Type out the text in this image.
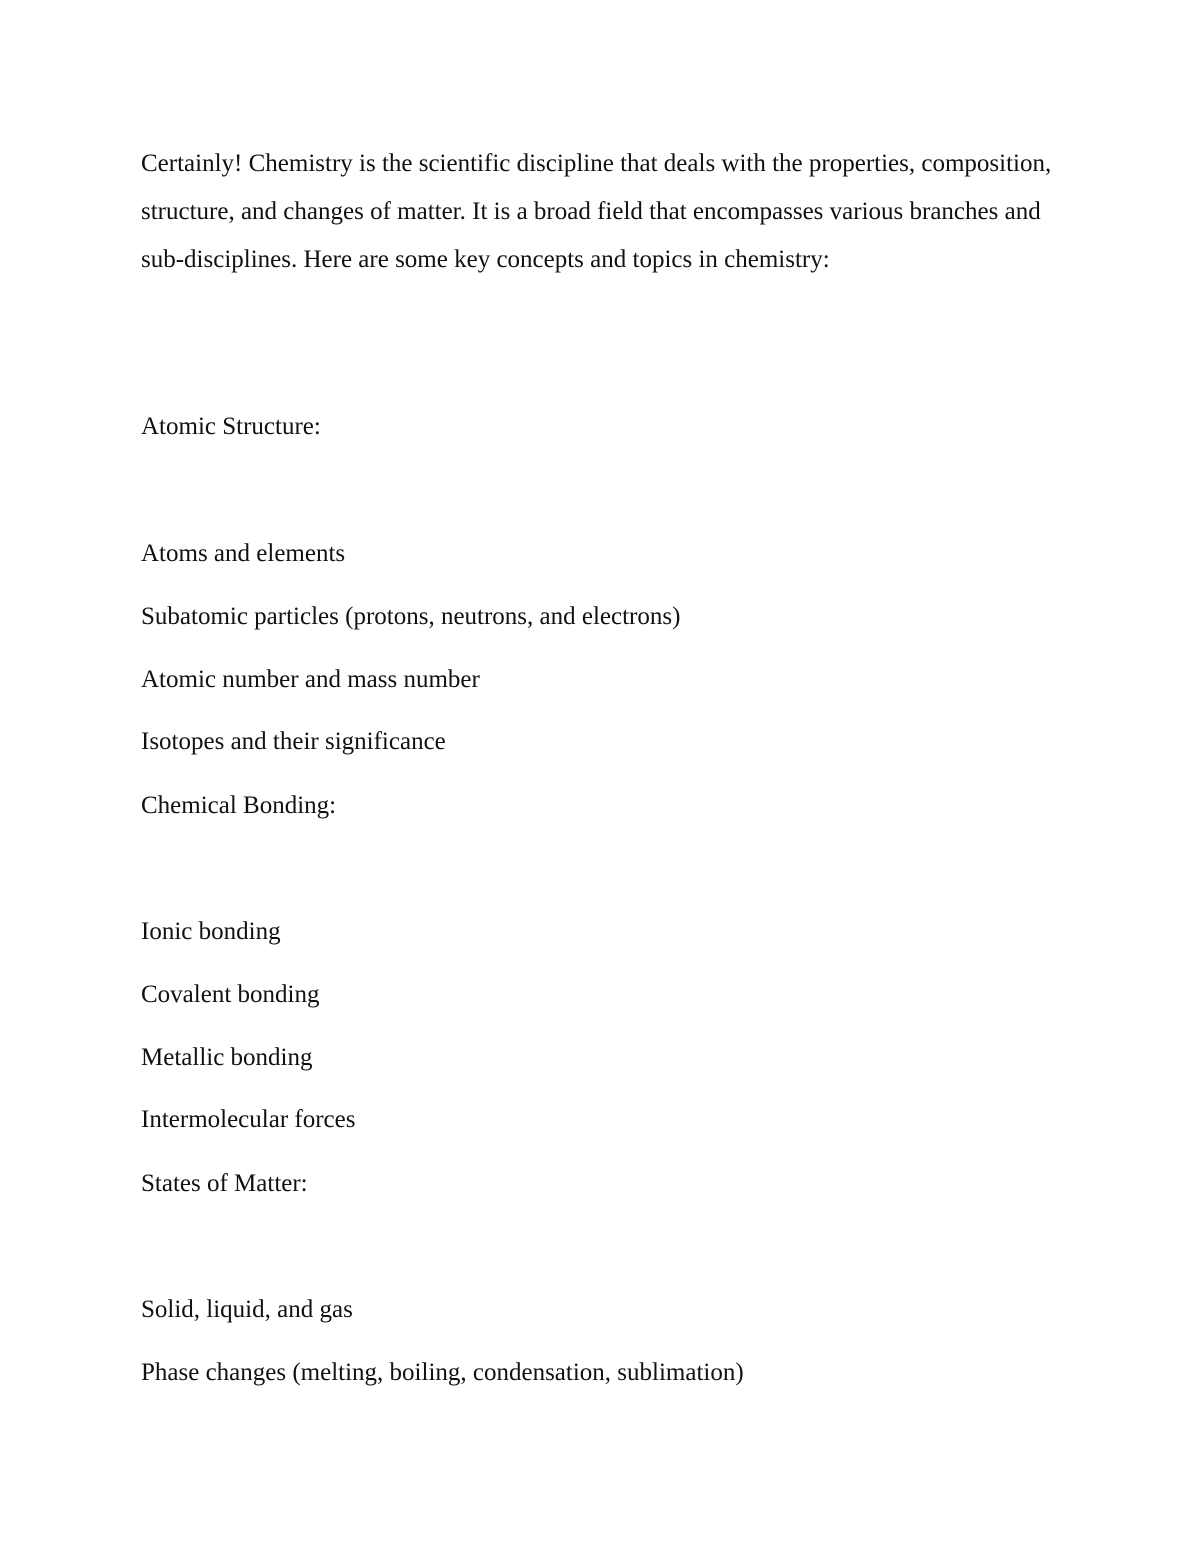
Certainly! Chemistry is the scientific discipline that deals with the properties, composition, structure, and changes of matter. It is a broad field that encompasses various branches and sub-disciplines. Here are some key concepts and topics in chemistry:

Atomic Structure:

Atoms and elements

Subatomic particles (protons, neutrons, and electrons)

Atomic number and mass number

Isotopes and their significance

Chemical Bonding:

Ionic bonding

Covalent bonding

Metallic bonding

Intermolecular forces

States of Matter:

Solid, liquid, and gas

Phase changes (melting, boiling, condensation, sublimation)
